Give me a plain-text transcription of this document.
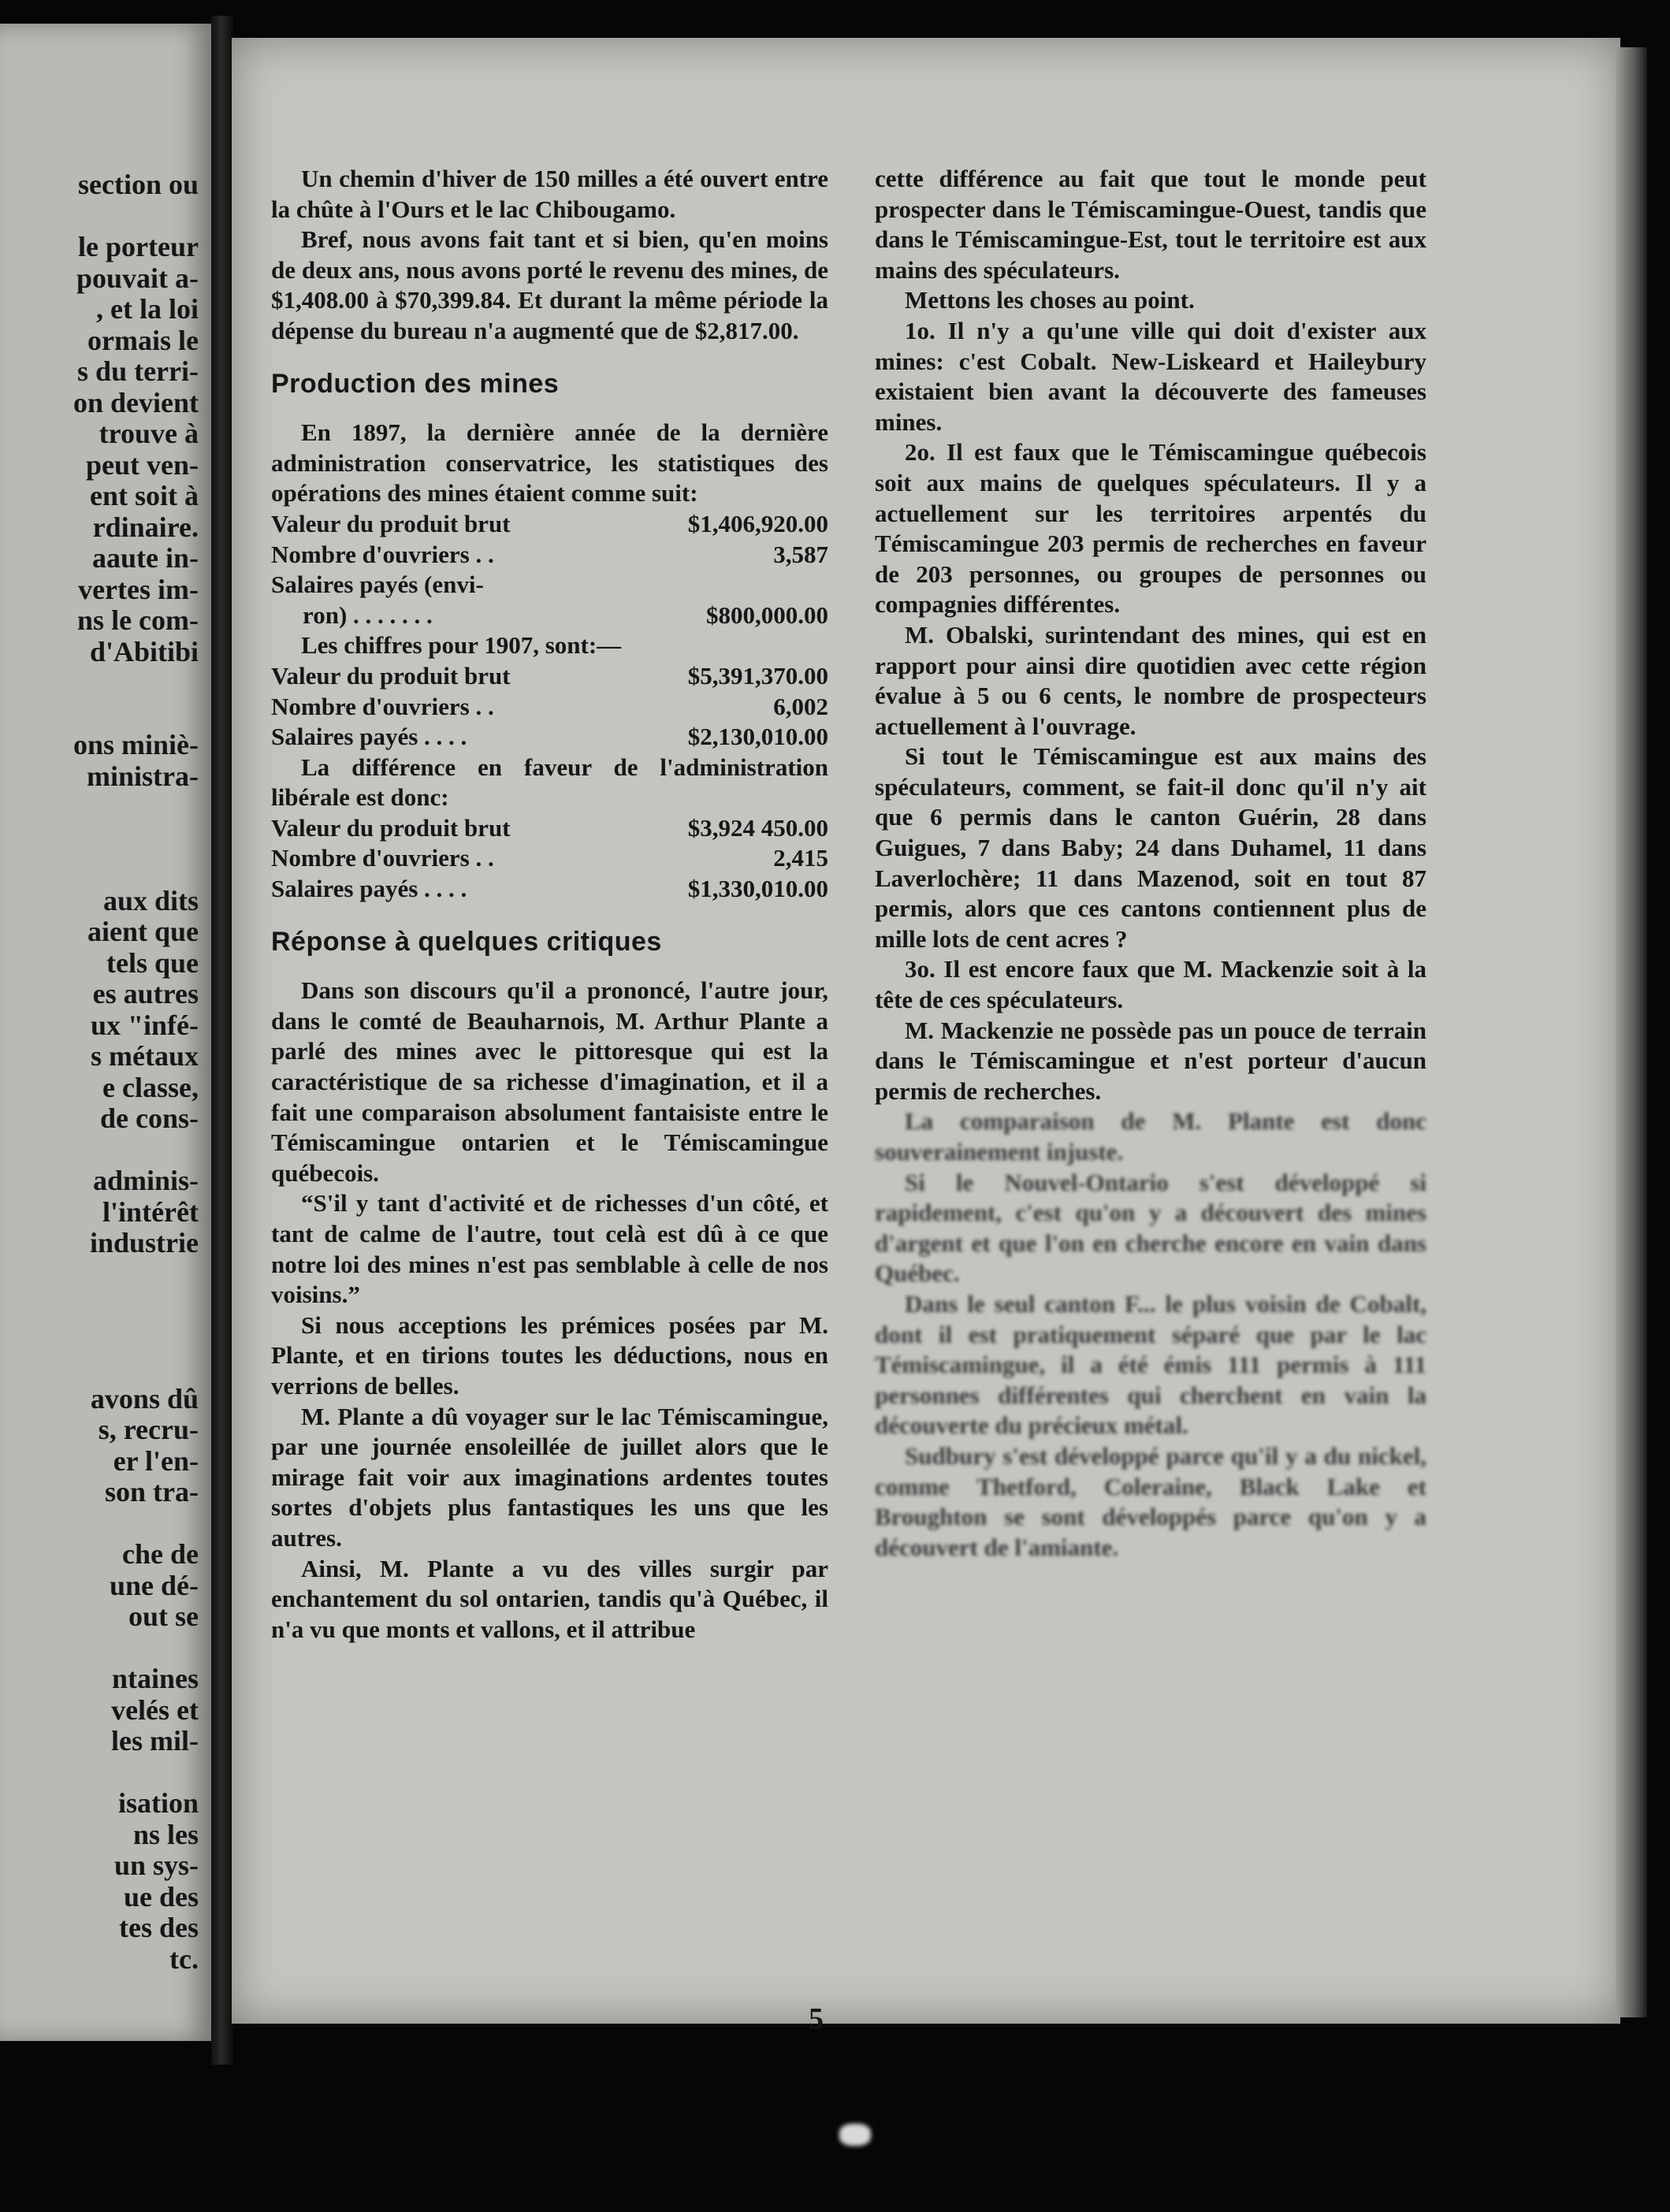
section ou
le porteur
pouvait a-
, et la loi
ormais le
s du terri-
on devient
trouve à
peut ven-
ent soit à
rdinaire.
aaute in-
vertes im-
ns le com-
d'Abitibi
ons miniè-
ministra-
aux dits
aient que
tels que
es autres
ux "infé-
s métaux
e classe,
de cons-
adminis-
l'intérêt
industrie
avons dû
s, recru-
er l'en-
son tra-
che de
une dé-
out se
ntaines
velés et
les mil-
isation
ns les
un sys-
ue des
tes des
tc.

Un chemin d'hiver de 150 milles a été ouvert entre la chûte à l'Ours et le lac Chibougamo.

Bref, nous avons fait tant et si bien, qu'en moins de deux ans, nous avons porté le revenu des mines, de $1,408.00 à $70,399.84. Et durant la même période la dépense du bureau n'a augmenté que de $2,817.00.

Production des mines

En 1897, la dernière année de la dernière administration conservatrice, les statistiques des opérations des mines étaient comme suit:

Valeur du produit brut	$1,406,920.00
Nombre d'ouvriers . .	3,587
Salaires payés (envi-
ron) . . . . . . .	$800,000.00

Les chiffres pour 1907, sont:—

Valeur du produit brut	$5,391,370.00
Nombre d'ouvriers . .	6,002
Salaires payés . . . .	$2,130,010.00

La différence en faveur de l'administration libérale est donc:

Valeur du produit brut	$3,924 450.00
Nombre d'ouvriers . .	2,415
Salaires payés . . . .	$1,330,010.00

Réponse à quelques critiques

Dans son discours qu'il a prononcé, l'autre jour, dans le comté de Beauharnois, M. Arthur Plante a parlé des mines avec le pittoresque qui est la caractéristique de sa richesse d'imagination, et il a fait une comparaison absolument fantaisiste entre le Témiscamingue ontarien et le Témiscamingue québecois.

“S'il y tant d'activité et de richesses d'un côté, et tant de calme de l'autre, tout celà est dû à ce que notre loi des mines n'est pas semblable à celle de nos voisins.”

Si nous acceptions les prémices posées par M. Plante, et en tirions toutes les déductions, nous en verrions de belles.

M. Plante a dû voyager sur le lac Témiscamingue, par une journée ensoleillée de juillet alors que le mirage fait voir aux imaginations ardentes toutes sortes d'objets plus fantastiques les uns que les autres.

Ainsi, M. Plante a vu des villes surgir par enchantement du sol ontarien, tandis qu'à Québec, il n'a vu que monts et vallons, et il attribue

cette différence au fait que tout le monde peut prospecter dans le Témiscamingue-Ouest, tandis que dans le Témiscamingue-Est, tout le territoire est aux mains des spéculateurs.

Mettons les choses au point.

1o. Il n'y a qu'une ville qui doit d'exister aux mines: c'est Cobalt. New-Liskeard et Haileybury existaient bien avant la découverte des fameuses mines.

2o. Il est faux que le Témiscamingue québecois soit aux mains de quelques spéculateurs. Il y a actuellement sur les territoires arpentés du Témiscamingue 203 permis de recherches en faveur de 203 personnes, ou groupes de personnes ou compagnies différentes.

M. Obalski, surintendant des mines, qui est en rapport pour ainsi dire quotidien avec cette région évalue à 5 ou 6 cents, le nombre de prospecteurs actuellement à l'ouvrage.

Si tout le Témiscamingue est aux mains des spéculateurs, comment, se fait-il donc qu'il n'y ait que 6 permis dans le canton Guérin, 28 dans Guigues, 7 dans Baby; 24 dans Duhamel, 11 dans Laverlochère; 11 dans Mazenod, soit en tout 87 permis, alors que ces cantons contiennent plus de mille lots de cent acres ?

3o. Il est encore faux que M. Mackenzie soit à la tête de ces spéculateurs.

M. Mackenzie ne possède pas un pouce de terrain dans le Témiscamingue et n'est porteur d'aucun permis de recherches.

La comparaison de M. Plante est donc souverainement injuste.

Si le Nouvel-Ontario s'est développé si rapidement, c'est qu'on y a découvert des mines d'argent et que l'on en cherche encore en vain dans Québec.

Dans le seul canton F... le plus voisin de Cobalt, dont il est pratiquement séparé que par le lac Témiscamingue, il a été émis 111 permis à 111 personnes différentes qui cherchent en vain la découverte du précieux métal.

Sudbury s'est développé parce qu'il y a du nickel, comme Thetford, Coleraine, Black Lake et Broughton se sont développés parce qu'on y a découvert de l'amiante.

5
